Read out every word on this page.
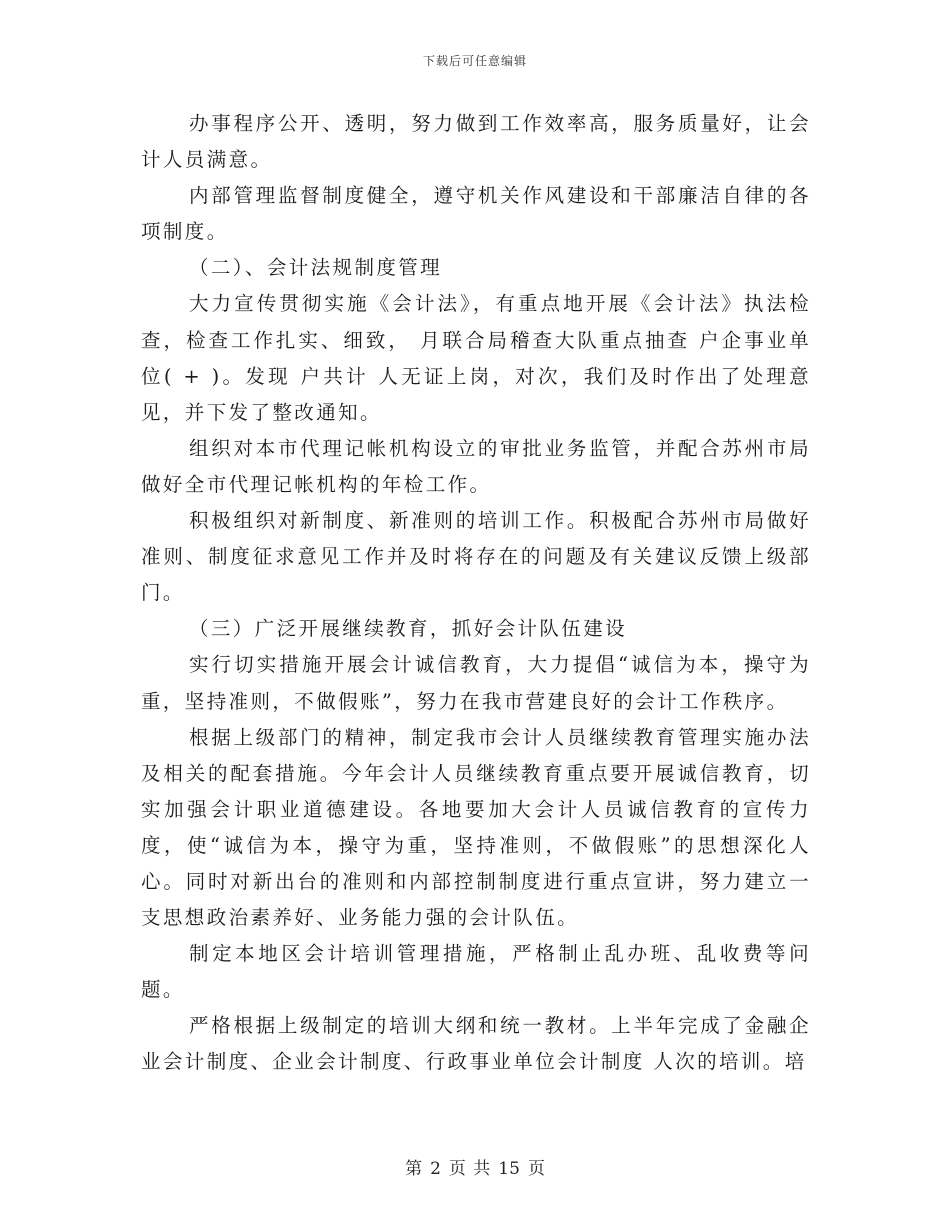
下载后可任意编辑

办事程序公开、透明，努力做到工作效率高，服务质量好，让会计人员满意。

内部管理监督制度健全，遵守机关作风建设和干部廉洁自律的各项制度。

（二）、会计法规制度管理

大力宣传贯彻实施《会计法》，有重点地开展《会计法》执法检查，检查工作扎实、细致， 月联合局稽查大队重点抽查 户企事业单位( + )。发现 户共计 人无证上岗，对次，我们及时作出了处理意见，并下发了整改通知。

组织对本市代理记帐机构设立的审批业务监管，并配合苏州市局做好全市代理记帐机构的年检工作。

积极组织对新制度、新准则的培训工作。积极配合苏州市局做好准则、制度征求意见工作并及时将存在的问题及有关建议反馈上级部门。

（三）广泛开展继续教育，抓好会计队伍建设

实行切实措施开展会计诚信教育，大力提倡“诚信为本，操守为重，坚持准则，不做假账”，努力在我市营建良好的会计工作秩序。

根据上级部门的精神，制定我市会计人员继续教育管理实施办法及相关的配套措施。今年会计人员继续教育重点要开展诚信教育，切实加强会计职业道德建设。各地要加大会计人员诚信教育的宣传力度，使“诚信为本，操守为重，坚持准则，不做假账”的思想深化人心。同时对新出台的准则和内部控制制度进行重点宣讲，努力建立一支思想政治素养好、业务能力强的会计队伍。

制定本地区会计培训管理措施，严格制止乱办班、乱收费等问题。

严格根据上级制定的培训大纲和统一教材。上半年完成了金融企业会计制度、企业会计制度、行政事业单位会计制度 人次的培训。培

第 2 页 共 15 页
